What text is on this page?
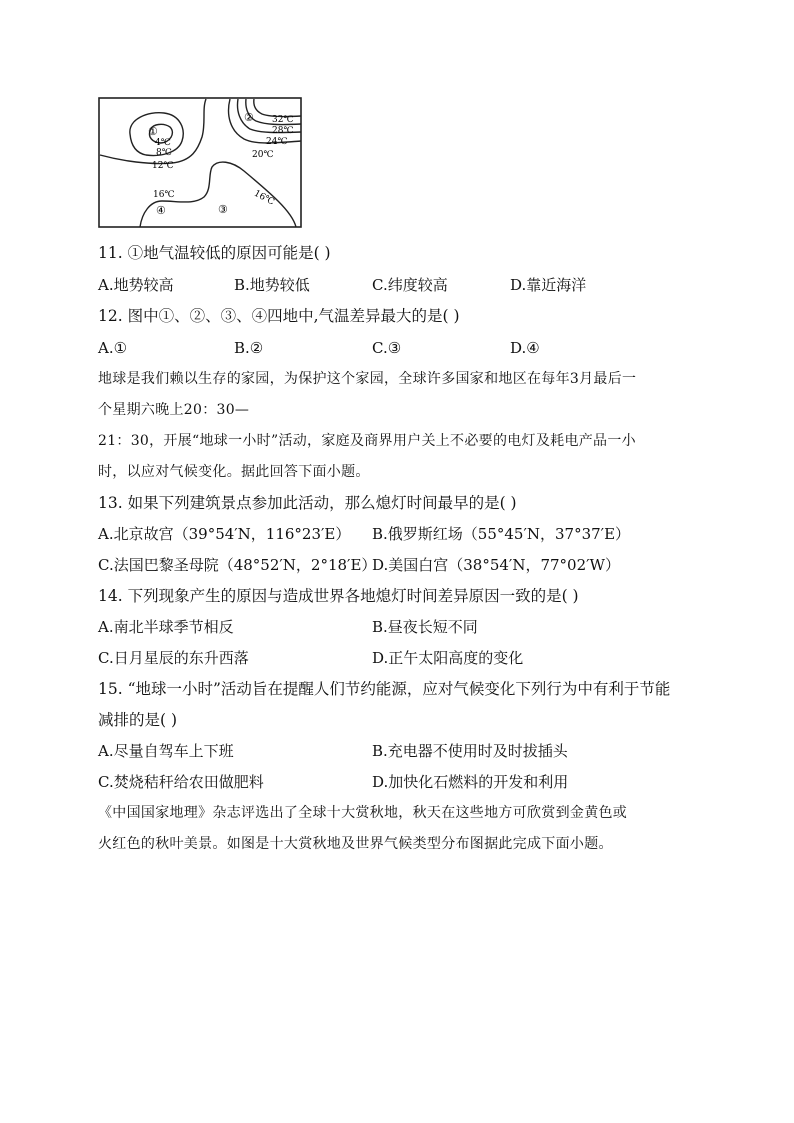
①
4℃
8℃
12℃
② 32℃
28℃
24℃
20℃
16℃	16℃
④	③
11. ①地气温较低的原因可能是( )
A.地势较高	B.地势较低	C.纬度较高	D.靠近海洋
12. 图中①、②、③、④四地中,气温差异最大的是( )
A.①	B.②	C.③	D.④
地球是我们赖以生存的家园，为保护这个家园，全球许多国家和地区在每年3月最后一
个星期六晚上20：30—
21：30，开展“地球一小时”活动，家庭及商界用户关上不必要的电灯及耗电产品一小
时，以应对气候变化。据此回答下面小题。
13. 如果下列建筑景点参加此活动，那么熄灯时间最早的是( )
A.北京故宫（39°54′N，116°23′E） B.俄罗斯红场（55°45′N，37°37′E）
C.法国巴黎圣母院（48°52′N，2°18′E）
D.美国白宫（38°54′N，77°02′W）
14. 下列现象产生的原因与造成世界各地熄灯时间差异原因一致的是( )
A.南北半球季节相反	B.昼夜长短不同
C.日月星辰的东升西落	D.正午太阳高度的变化
15. “地球一小时”活动旨在提醒人们节约能源，应对气候变化下列行为中有利于节能
减排的是( )
A.尽量自驾车上下班	B.充电器不使用时及时拔插头
C.焚烧秸秆给农田做肥料	D.加快化石燃料的开发和利用
《中国国家地理》杂志评选出了全球十大赏秋地，秋天在这些地方可欣赏到金黄色或
火红色的秋叶美景。如图是十大赏秋地及世界气候类型分布图据此完成下面小题。
